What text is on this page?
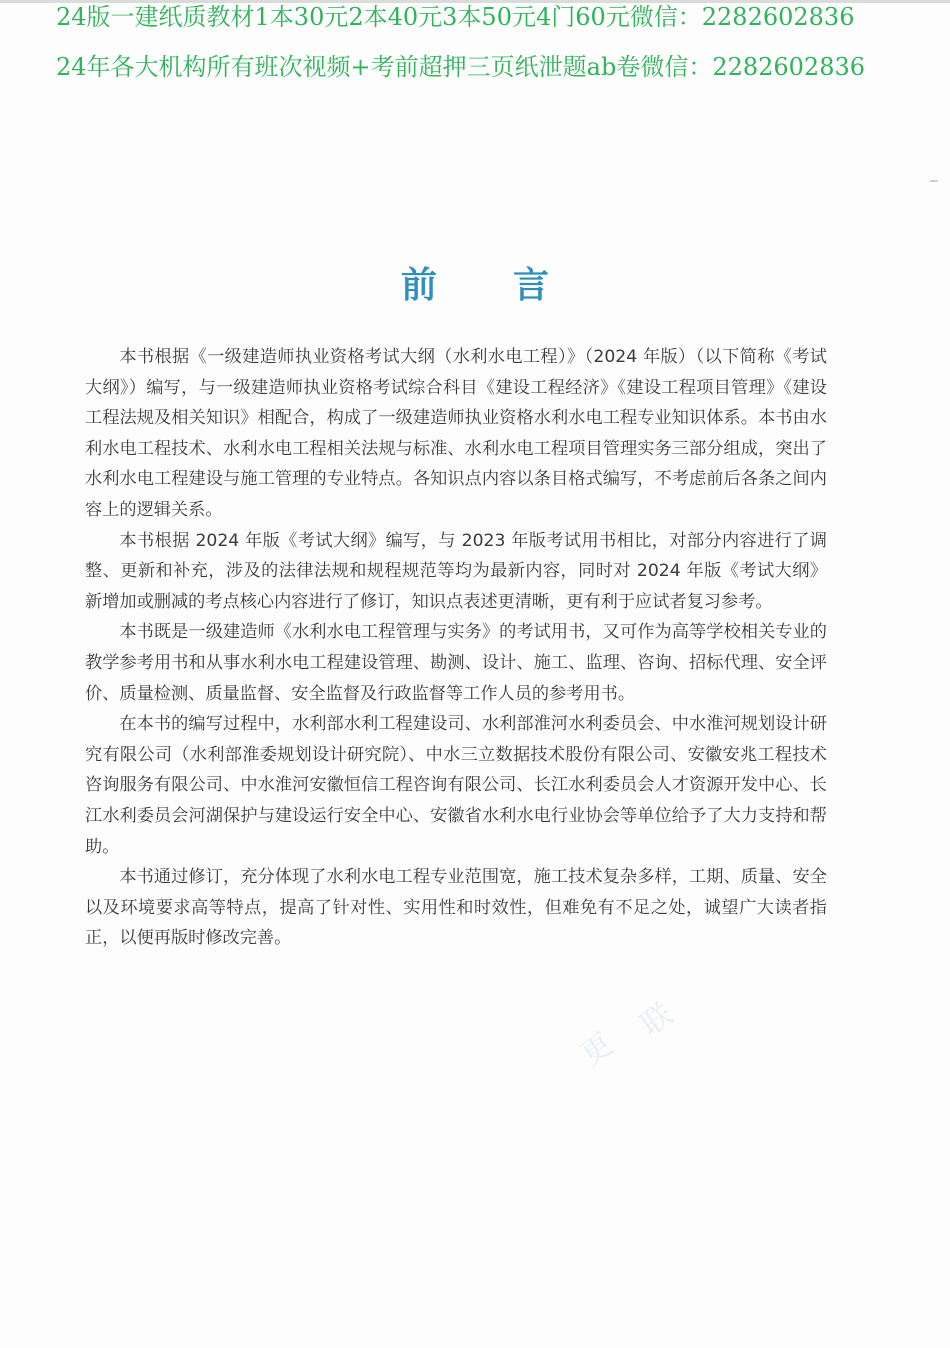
24版一建纸质教材1本30元2本40元3本50元4门60元微信：2282602836
24年各大机构所有班次视频+考前超押三页纸泄题ab卷微信：2282602836
前言

本书根据《一级建造师执业资格考试大纲（水利水电工程）》（2024 年版）（以下简称《考试大纲》）编写，与一级建造师执业资格考试综合科目《建设工程经济》《建设工程项目管理》《建设工程法规及相关知识》相配合，构成了一级建造师执业资格水利水电工程专业知识体系。本书由水利水电工程技术、水利水电工程相关法规与标准、水利水电工程项目管理实务三部分组成，突出了水利水电工程建设与施工管理的专业特点。各知识点内容以条目格式编写，不考虑前后各条之间内容上的逻辑关系。

本书根据 2024 年版《考试大纲》编写，与 2023 年版考试用书相比，对部分内容进行了调整、更新和补充，涉及的法律法规和规程规范等均为最新内容，同时对 2024 年版《考试大纲》新增加或删减的考点核心内容进行了修订，知识点表述更清晰，更有利于应试者复习参考。

本书既是一级建造师《水利水电工程管理与实务》的考试用书，又可作为高等学校相关专业的教学参考用书和从事水利水电工程建设管理、勘测、设计、施工、监理、咨询、招标代理、安全评价、质量检测、质量监督、安全监督及行政监督等工作人员的参考用书。

在本书的编写过程中，水利部水利工程建设司、水利部淮河水利委员会、中水淮河规划设计研究有限公司（水利部淮委规划设计研究院）、中水三立数据技术股份有限公司、安徽安兆工程技术咨询服务有限公司、中水淮河安徽恒信工程咨询有限公司、长江水利委员会人才资源开发中心、长江水利委员会河湖保护与建设运行安全中心、安徽省水利水电行业协会等单位给予了大力支持和帮助。

本书通过修订，充分体现了水利水电工程专业范围宽，施工技术复杂多样，工期、质量、安全以及环境要求高等特点，提高了针对性、实用性和时效性，但难免有不足之处，诚望广大读者指正，以便再版时修改完善。

更
联
